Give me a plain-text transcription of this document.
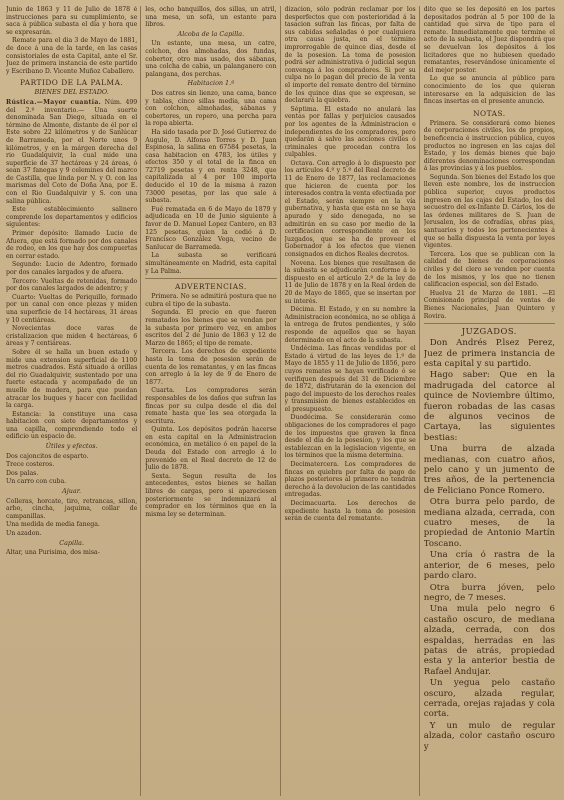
Junio de 1863 y 11 de Julio de 1878 é instrucciones para su cumplimiento, se saca á pública subasta el dia y hora que se expresarán.

Remate para el dia 3 de Mayo de 1881, de doce á una de la tarde, en las casas consistoriales de esta Capital, ante el Sr. Juez de primera instancia de este partido y Escribano D. Vicente Muñoz Caballero.

PARTIDO DE LA PALMA.
BIENES DEL ESTADO.

Rústica.—Mayor cuantía. Núm. 499 del 2.º inventario.— Una suerte denominada San Diego, situada en el término de Almonte, distante de él por el Este sobre 22 kilómetros y de Sanlúcar de Barrameda, por el Norte unos 9 kilómetros, y en la márgen derecha del rio Guadalquivir, la cual mide una superficie de 37 hectáreas y 24 áreas, ó sean 37 fanegas y 9 celemines del marco de Castilla, que linda por N. y O. con las marismas del Coto de Doña Ana, por E. con el Rio Guadalquivir y S. con una salina pública.

Este establecimiento salinero comprende los departamentos y edificios siguientes:

Primer depósito: llamado Lucio de Afuera, que está formado por dos canales de rodeo, en los que hay dos compuertas en cerrar estado.

Segundo: Lucio de Adentro, formado por dos canales largados y de afuera.

Tercero: Vueltas de retenidas, formado por dos canales largados de adentro; y

Cuarto: Vueltas de Periquillo, formado por un canal con once piezas y miden una superficie de 14 hectáreas, 31 áreas y 10 centiáreas.

Novecientas doce varas de cristalizacion que miden 4 hectáreas, 6 áreas y 7 centiáreas.

Sobre él se halla un buen estado y mide una extension superficial de 1100 metros cuadrados. Está situado á orillas del rio Guadalquivir, sustentado por una fuerte estacada y acompañado de un muelle de madera, para que puedan atracar los buques y hacer con facilidad la carga.

Estancia: la constituye una casa habitacion con siete departamentos y una capilla, comprendiendo todo el edificio un espacio de.

Útiles y efectos.

Dos cajoncitos de esparto.

Trece costeros.

Dos palas.

Un carro con cuba.

Ajuar.

Colleras, horcate, tiro, retrancas, sillon, arbo, cincha, jaquima, collar de campanillas.

Una medida de media fanega.

Un azadon.

Capilla.

Altar, una Purisima, dos misa-

les, ocho banquillos, dos sillas, un atril, una mesa, un sofá, un estante para libros.

Alcoba de la Capilla.

Un estante, una mesa, un catre, colchon, dos almohadas, dos fundas, cobertor, otro mas usado, dos sábanas, una colcha de cabia, un palanganero con palangana, dos perchas.

Habitacion 1.ª

Dos catres sin lienzo, una cama, banco y tablas, cinco sillas media, una cama con colchon, almohadas, sábanas y cobertores, un ropero, una percha para la ropa abierta.

Ha sido tasada por D. José Gutierrez de Augulo, D. Alfonso Torres y D. Juan Espinosa, la salina en 67584 pesetas, la casa habitacion en 4783, los útiles y efectos 350 y el total de la finca en 72719 pesetas y en renta 3248, que capitalizada al 4 por 100 importa deducido el 10 de la misma á razon 73000 pesetas, por las que sale á subasta.

Fué rematada en 6 de Mayo de 1879 y adjudicada en 10 de Junio siguiente á favor de D. Manuel Lopez Cantero, en 83 125 pesetas, quien la cedió á D. Francisco González Vega, vecino de Sanlucar de Barrameda.

La subasta se verificará simultáneamente en Madrid, esta capital y La Palma.

ADVERTENCIAS.

Primera. No se admitirá postura que no cubra el tipo de la subasta.

Segunda. El precio en que fueren rematados los bienes que se vendan por la subasta por primero vez, en ambos escritos del 2 de Junio de 1863 y 12 de Marzo de 1865; el tipo de remate.

Tercera. Los derechos de expediente hasta la toma de posesion serán de cuenta de los rematantes, y en las fincas con arreglo á la ley de 9 de Enero de 1877.

Cuarta. Los compradores serán responsables de los daños que sufran las fincas por su culpa desde el dia del remate hasta que les sea otorgada la escritura.

Quinta. Los depósitos podrán hacerse en esta capital en la Administracion económica, en metálico ó en papel de la Deuda del Estado con arreglo á lo prevenido en el Real decreto de 12 de Julio de 1878.

Sexta. Segun resulta de los antecedentes, estos bienes se hallan libres de cargas, pero si apareciesen posteriormente se indemnizará al comprador en los términos que en la misma ley se determinan.

dizacion, sólo podrán reclamar por los desperfectos que con posterioridad á la tasacion sufran las fincas, por falta de sus cabidas señaladas ó por cualquiera otra causa justa, en el término improrrogable de quince dias, desde el de la posesion. La toma de posesion podrá ser administrativa ó judicial segun convenga á los compradores. Si por su culpa no lo pagan del precio de la venta el importe del remate dentro del término de los quince dias que se expresan, se declarará la quiebra.

Séptima. El estado no anulará las ventas por fallas y perjuicios causados por los agentes de la Administracion e independientes de los compradores, pero quedarán á salvo las acciones civiles ó criminales que procedan contra los culpables.

Octava. Con arreglo á lo dispuesto por los artículos 4.º y 5.º del Real decreto de 11 de Enero de 1877, las reclamaciones que hicieren de cuenta por los interesados contra la venta efectuada por el Estado, serán siempre en la vía gubernativa, y hasta que esta no se haya apurado y sido denegada, no se admitirán en su caso por medio de la certificacion correspondiente en los Juzgados, que se ha de proveer el Gobernador á los efectos que vienen consignados en dichos Reales decretos.

Novena. Los bienes que resultasen de la subasta se adjudicarán conforme á lo dispuesto en el artículo 2.º de la ley de 11 de Julio de 1878 y en la Real órden de 20 de Mayo de 1865, que se insertan por su interés.

Décima. El Estado, y en su nombre la Administracion económica, no se obliga á la entrega de frutos pendientes, y sólo responde de aquellos que se hayan determinado en el acto de la subasta.

Undécima. Las fincas vendidas por el Estado á virtud de las leyes de 1.º de Mayo de 1855 y 11 de Julio de 1856, pero cuyos remates se hayan verificado ó se verifiquen después del 31 de Diciembre de 1872, disfrutarán de la exencion del pago del impuesto de los derechos reales y transmision de bienes establecidos en el presupuesto.

Duodécima. Se considerarán como obligaciones de los compradores el pago de los impuestos que graven la finca desde el dia de la posesion, y los que se establezcan en la legislacion vigente, en los términos que la misma determina.

Decimatercera. Los compradores de fincas en quiebra por falta de pago de plazos posteriores al primero no tendrán derecho á la devolucion de las cantidades entregadas.

Decimacuarta. Los derechos de expediente hasta la toma de posesion serán de cuenta del rematante.

dito que se les depositó en los partes depositados podrán al 5 por 100 de la cantidad que sirva de tipo para el remate. Inmediatamente que termine el acto de la subasta, el Juez dispondrá que se devuelvan los depósitos á los licitadores que no hubiesen quedado rematantes, reservándose únicamente el del mejor postor.

Lo que se anuncia al público para conocimiento de los que quieran interesarse en la adquisicion de las fincas insertas en el presente anuncio.

NOTAS.

Primera. Se considerará como bienes de corporaciones civiles, los de propios, beneficencia é instruccion pública, cuyos productos no ingresen en las cajas del Estado, y los demás bienes que bajo diferentes denominaciones correspondan á las provincias y á los pueblos.

Segunda. Son bienes del Estado los que lleven este nombre, los de instruccion pública superior, cuyos productos ingresen en las cajas del Estado, los del secuestro del ex-Infante D. Cárlos, los de las órdenes militares de S. Juan de Jerusalen, los de cofradías, obras pías, santuarios y todos los pertenecientes á que se halla dispuesta la venta por leyes vigentes.

Tercera. Los que se publican con la calidad de bienes de corporaciones civiles y del clero se venden por cuenta de los mismos, y los que no tienen calificacion especial, son del Estado.

Huelva 21 de Marzo de 1881. —El Comisionado principal de ventas de Bienes Nacionales, Juan Quintero y Rovira.

JUZGADOS.

Don Andrés P.lsez Perez, Juez de primera instancia de esta capital y su partido.

Hago saber: Que en la madrugada del catorce al quince de Noviembre último, fueron robadas de las casas de algunos vecinos de Cartaya, las siguientes bestias:

Una burra de alzada medianas, con cuatro años, pelo cano y un jumento de tres años, de la pertenencia de Feliciano Ponce Romero.

Otra burra pelo pardo, de mediana alzada, cerrada, con cuatro meses, de la propiedad de Antonio Martín Toscano.

Una cría ó rastra de la anterior, de 6 meses, pelo pardo claro.

Otra burra jóven, pelo negro, de 7 meses.

Una mula pelo negro 6 castaño oscuro, de mediana alzada, cerrada, con dos espaldas, herradas en las patas de atrás, propiedad esta y la anterior bestia de Rafael Andujar.

Un yegua pelo castaño oscuro, alzada regular, cerrada, orejas rajadas y cola corta.

Y un mulo de regular alzada, color castaño oscuro y
